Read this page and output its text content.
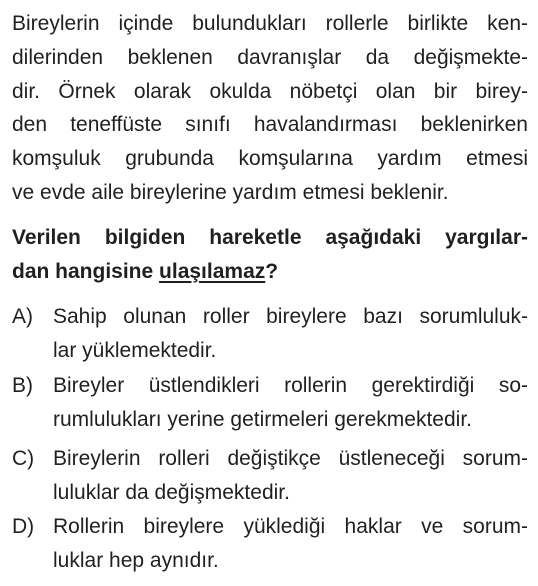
Bireylerin içinde bulundukları rollerle birlikte ken-
dilerinden beklenen davranışlar da değişmekte-
dir. Örnek olarak okulda nöbetçi olan bir birey-
den teneffüste sınıfı havalandırması beklenirken
komşuluk grubunda komşularına yardım etmesi
ve evde aile bireylerine yardım etmesi beklenir.
Verilen bilgiden hareketle aşağıdaki yargılar-
dan hangisine ulaşılamaz?
A) Sahip olunan roller bireylere bazı sorumluluk-
lar yüklemektedir.
B) Bireyler üstlendikleri rollerin gerektirdiği so-
rumlulukları yerine getirmeleri gerekmektedir.
C) Bireylerin rolleri değiştikçe üstleneceği sorum-
luluklar da değişmektedir.
D) Rollerin bireylere yüklediği haklar ve sorum-
luklar hep aynıdır.
